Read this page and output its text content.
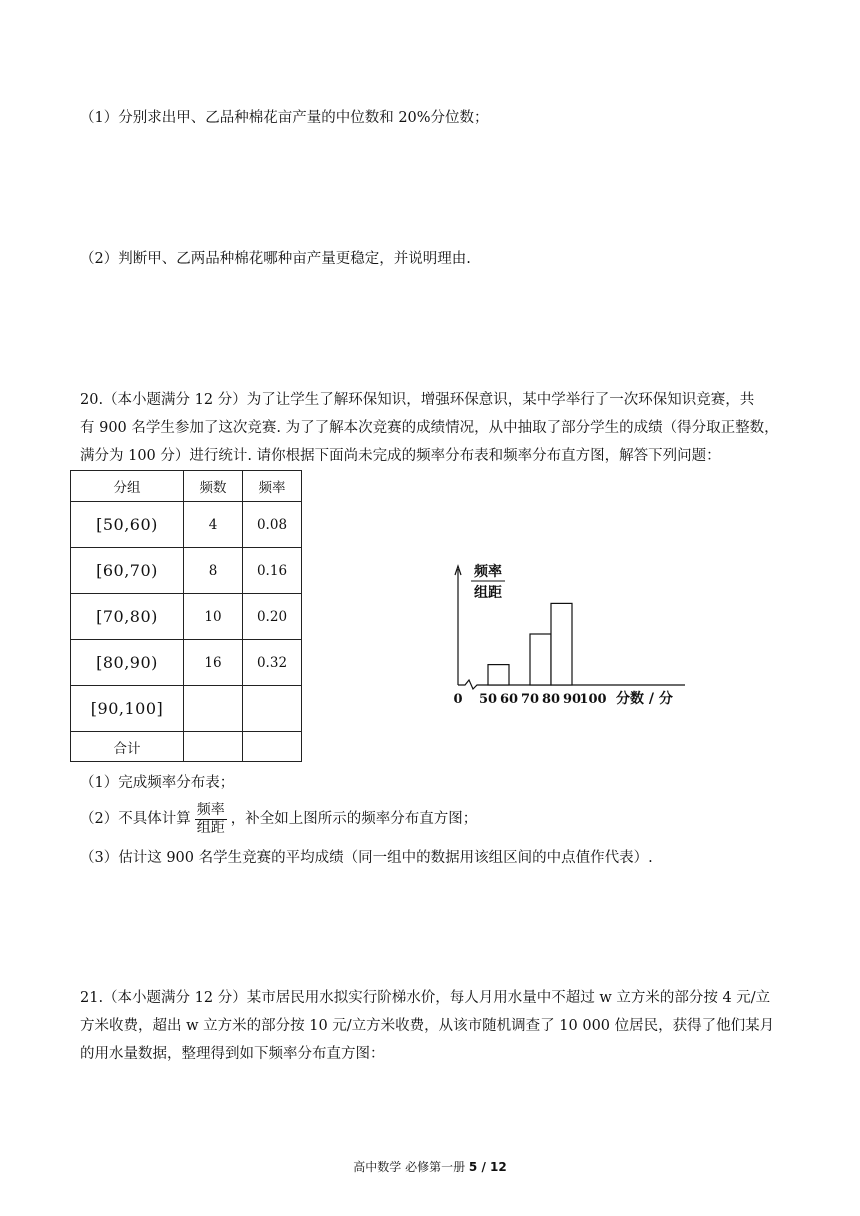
（1）分别求出甲、乙品种棉花亩产量的中位数和 20%分位数；
（2）判断甲、乙两品种棉花哪种亩产量更稳定，并说明理由.
20.（本小题满分 12 分）为了让学生了解环保知识，增强环保意识，某中学举行了一次环保知识竞赛，共
有 900 名学生参加了这次竞赛. 为了了解本次竞赛的成绩情况，从中抽取了部分学生的成绩（得分取正整数，
满分为 100 分）进行统计. 请你根据下面尚未完成的频率分布表和频率分布直方图，解答下列问题：
分组	频数	频率
[50,60)	4	0.08
[60,70)	8	0.16
[70,80)	10	0.20
[80,90)	16	0.32
[90,100]		
合计		
频率
组距
0 50 60 70 80 90
100 分数 / 分
（1）完成频率分布表；
（2）不具体计算 $\frac{\text{频率}}{\text{组距}}$ ，补全如上图所示的频率分布直方图；
（3）估计这 900 名学生竞赛的平均成绩（同一组中的数据用该组区间的中点值作代表）.
21.（本小题满分 12 分）某市居民用水拟实行阶梯水价，每人月用水量中不超过 w 立方米的部分按 4 元/立
方米收费，超出 w 立方米的部分按 10 元/立方米收费，从该市随机调查了 10 000 位居民，获得了他们某月
的用水量数据，整理得到如下频率分布直方图：
高中数学 必修第一册 5 / 12
